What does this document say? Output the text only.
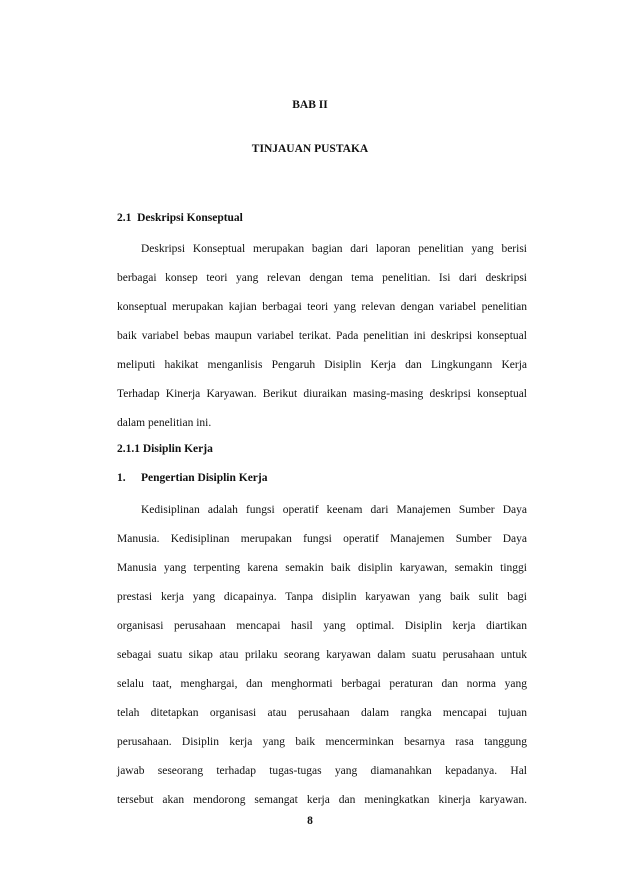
BAB II
TINJAUAN PUSTAKA
2.1 Deskripsi Konseptual
Deskripsi Konseptual merupakan bagian dari laporan penelitian yang berisi
berbagai konsep teori yang relevan dengan tema penelitian. Isi dari deskripsi
konseptual merupakan kajian berbagai teori yang relevan dengan variabel penelitian
baik variabel bebas maupun variabel terikat. Pada penelitian ini deskripsi konseptual
meliputi hakikat menganlisis Pengaruh Disiplin Kerja dan Lingkungann Kerja
Terhadap Kinerja Karyawan. Berikut diuraikan masing-masing deskripsi konseptual
dalam penelitian ini.
2.1.1 Disiplin Kerja
1. Pengertian Disiplin Kerja
Kedisiplinan adalah fungsi operatif keenam dari Manajemen Sumber Daya
Manusia. Kedisiplinan merupakan fungsi operatif Manajemen Sumber Daya
Manusia yang terpenting karena semakin baik disiplin karyawan, semakin tinggi
prestasi kerja yang dicapainya. Tanpa disiplin karyawan yang baik sulit bagi
organisasi perusahaan mencapai hasil yang optimal. Disiplin kerja diartikan
sebagai suatu sikap atau prilaku seorang karyawan dalam suatu perusahaan untuk
selalu taat, menghargai, dan menghormati berbagai peraturan dan norma yang
telah ditetapkan organisasi atau perusahaan dalam rangka mencapai tujuan
perusahaan. Disiplin kerja yang baik mencerminkan besarnya rasa tanggung
jawab seseorang terhadap tugas-tugas yang diamanahkan kepadanya. Hal
tersebut akan mendorong semangat kerja dan meningkatkan kinerja karyawan.
8
